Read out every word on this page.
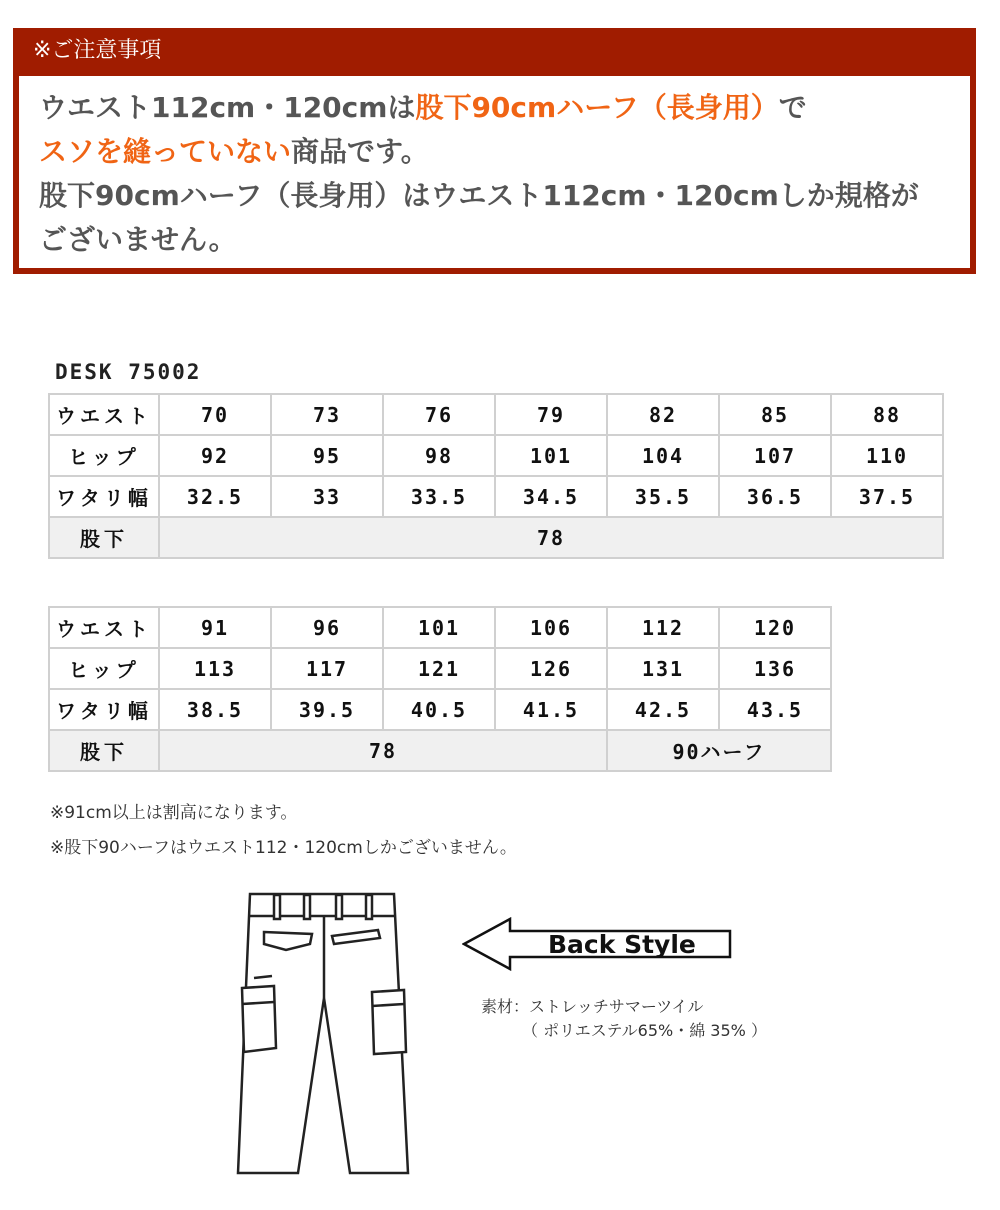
※ご注意事項
ウエスト112cm・120cmは股下90cmハーフ（長身用）で
スソを縫っていない商品です。
股下90cmハーフ（長身用）はウエスト112cm・120cmしか規格が
ございません。
DESK 75002
ウエスト	70	73	76	79	82	85	88
ヒップ	92	95	98	101	104	107	110
ワタリ幅	32.5	33	33.5	34.5	35.5	36.5	37.5
股下	78						
ウエスト	91	96	101	106	112	120
ヒップ	113	117	121	126	131	136
ワタリ幅	38.5	39.5	40.5	41.5	42.5	43.5
股下	78				90ハーフ	
※91cm以上は割高になります。
※股下90ハーフはウエスト112・120cmしかございません。
Back Style
素材：ストレッチサマーツイル
（ ポリエステル65%・綿 35% ）
